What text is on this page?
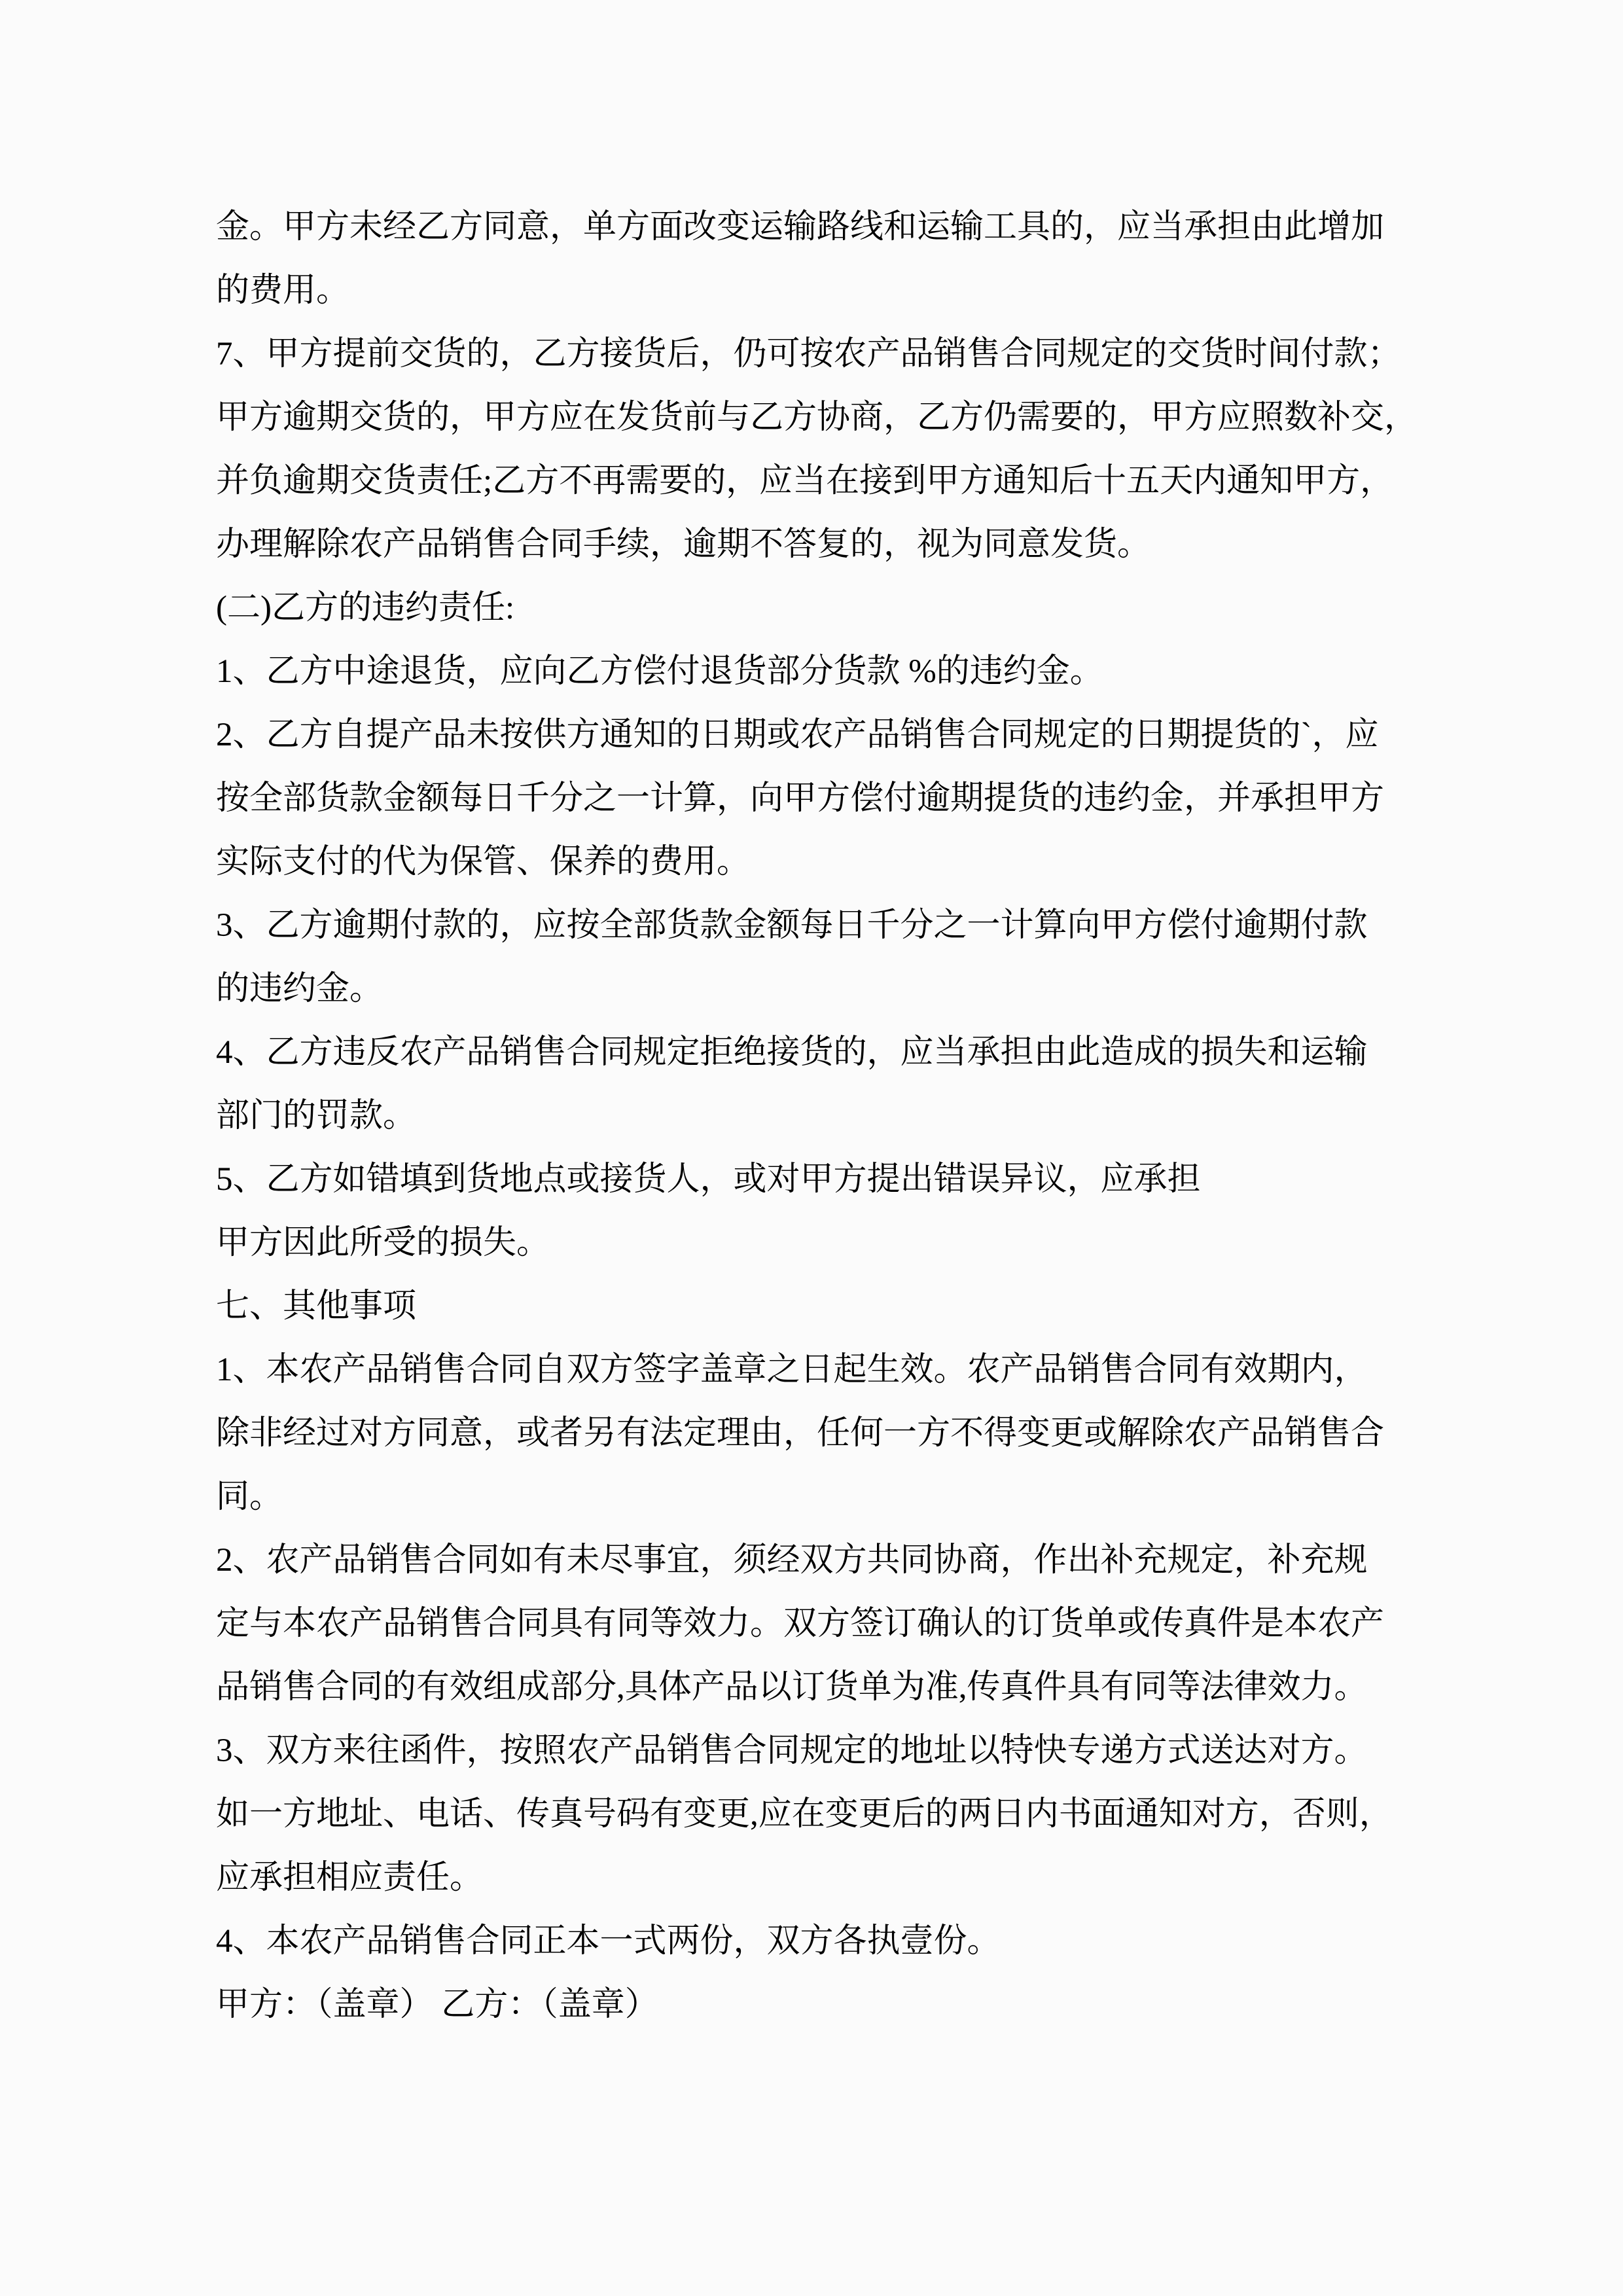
金。甲方未经乙方同意，单方面改变运输路线和运输工具的，应当承担由此增加
的费用。
7、甲方提前交货的，乙方接货后，仍可按农产品销售合同规定的交货时间付款；
甲方逾期交货的，甲方应在发货前与乙方协商，乙方仍需要的，甲方应照数补交，
并负逾期交货责任;乙方不再需要的，应当在接到甲方通知后十五天内通知甲方，
办理解除农产品销售合同手续，逾期不答复的，视为同意发货。
(二)乙方的违约责任:
1、乙方中途退货，应向乙方偿付退货部分货款 %的违约金。
2、乙方自提产品未按供方通知的日期或农产品销售合同规定的日期提货的`，应
按全部货款金额每日千分之一计算，向甲方偿付逾期提货的违约金，并承担甲方
实际支付的代为保管、保养的费用。
3、乙方逾期付款的，应按全部货款金额每日千分之一计算向甲方偿付逾期付款
的违约金。
4、乙方违反农产品销售合同规定拒绝接货的，应当承担由此造成的损失和运输
部门的罚款。
5、乙方如错填到货地点或接货人，或对甲方提出错误异议，应承担
甲方因此所受的损失。
七、其他事项
1、本农产品销售合同自双方签字盖章之日起生效。农产品销售合同有效期内，
除非经过对方同意，或者另有法定理由，任何一方不得变更或解除农产品销售合
同。
2、农产品销售合同如有未尽事宜，须经双方共同协商，作出补充规定，补充规
定与本农产品销售合同具有同等效力。双方签订确认的订货单或传真件是本农产
品销售合同的有效组成部分,具体产品以订货单为准,传真件具有同等法律效力。
3、双方来往函件，按照农产品销售合同规定的地址以特快专递方式送达对方。
如一方地址、电话、传真号码有变更,应在变更后的两日内书面通知对方，否则，
应承担相应责任。
4、本农产品销售合同正本一式两份，双方各执壹份。
甲方：（盖章） 乙方：（盖章）
